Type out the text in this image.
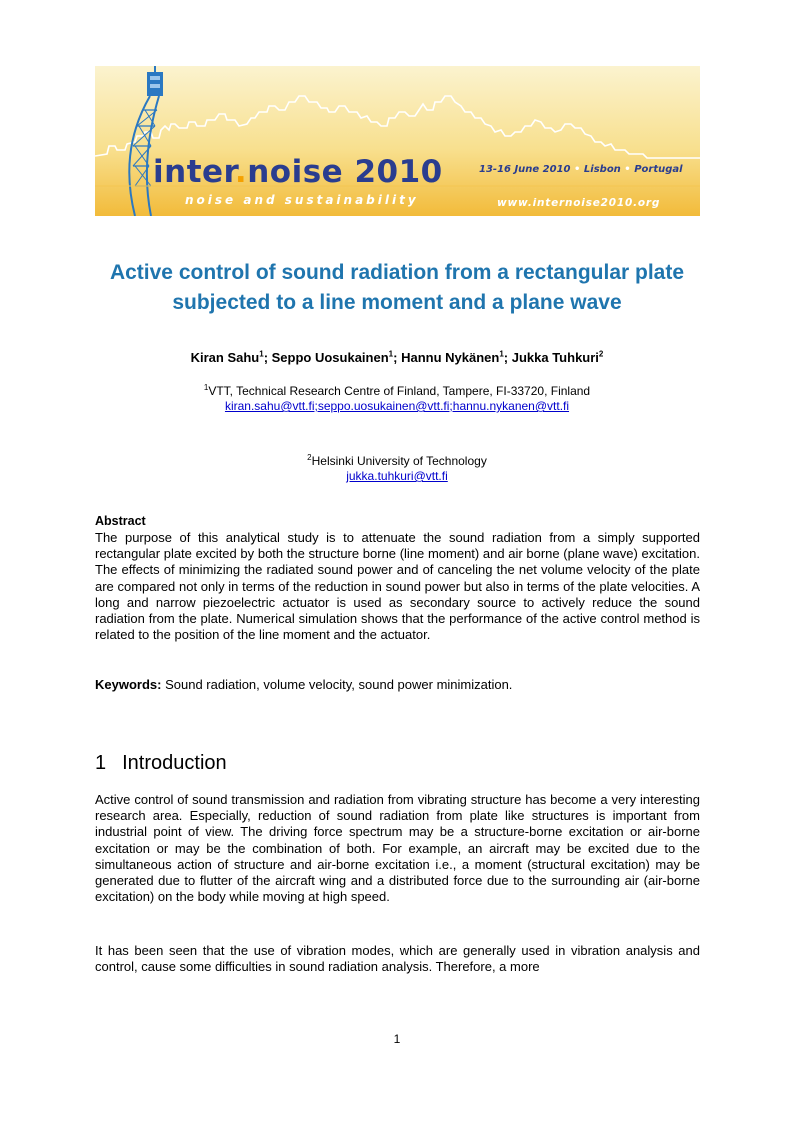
inter.noise 2010
noise and sustainability
13-16 June 2010 • Lisbon • Portugal
www.internoise2010.org
Active control of sound radiation from a rectangular plate subjected to a line moment and a plane wave
Kiran Sahu$^1$; Seppo Uosukainen$^1$; Hannu Nykänen$^1$; Jukka Tuhkuri$^2$
$^1$VTT, Technical Research Centre of Finland, Tampere, FI-33720, Finland
kiran.sahu@vtt.fi;seppo.uosukainen@vtt.fi;hannu.nykanen@vtt.fi
$^2$Helsinki University of Technology
jukka.tuhkuri@vtt.fi
Abstract

The purpose of this analytical study is to attenuate the sound radiation from a simply supported rectangular plate excited by both the structure borne (line moment) and air borne (plane wave) excitation. The effects of minimizing the radiated sound power and of canceling the net volume velocity of the plate are compared not only in terms of the reduction in sound power but also in terms of the plate velocities. A long and narrow piezoelectric actuator is used as secondary source to actively reduce the sound radiation from the plate. Numerical simulation shows that the performance of the active control method is related to the position of the line moment and the actuator.

Keywords: Sound radiation, volume velocity, sound power minimization.
1 Introduction

Active control of sound transmission and radiation from vibrating structure has become a very interesting research area. Especially, reduction of sound radiation from plate like structures is important from industrial point of view. The driving force spectrum may be a structure-borne excitation or air-borne excitation or may be the combination of both. For example, an aircraft may be excited due to the simultaneous action of structure and air-borne excitation i.e., a moment (structural excitation) may be generated due to flutter of the aircraft wing and a distributed force due to the surrounding air (air-borne excitation) on the body while moving at high speed.

It has been seen that the use of vibration modes, which are generally used in vibration analysis and control, cause some difficulties in sound radiation analysis. Therefore, a more

1
